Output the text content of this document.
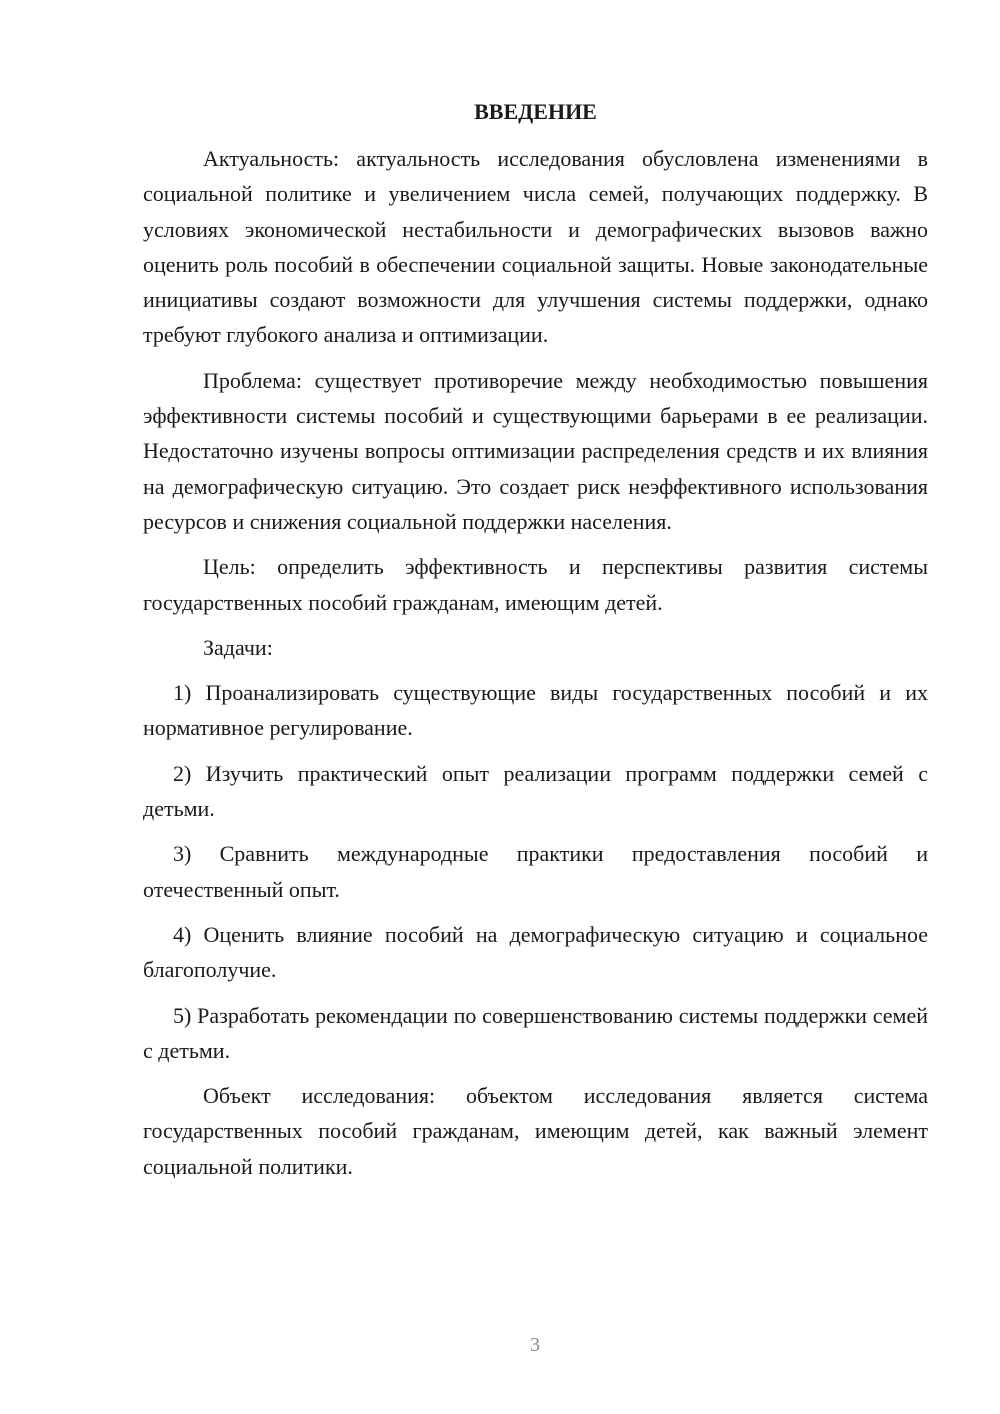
ВВЕДЕНИЕ

Актуальность: актуальность исследования обусловлена изменениями в социальной политике и увеличением числа семей, получающих поддержку. В условиях экономической нестабильности и демографических вызовов важно оценить роль пособий в обеспечении социальной защиты. Новые законодательные инициативы создают возможности для улучшения системы поддержки, однако требуют глубокого анализа и оптимизации.

Проблема: существует противоречие между необходимостью повышения эффективности системы пособий и существующими барьерами в ее реализации. Недостаточно изучены вопросы оптимизации распределения средств и их влияния на демографическую ситуацию. Это создает риск неэффективного использования ресурсов и снижения социальной поддержки населения.

Цель: определить эффективность и перспективы развития системы государственных пособий гражданам, имеющим детей.

Задачи:

1) Проанализировать существующие виды государственных пособий и их нормативное регулирование.

2) Изучить практический опыт реализации программ поддержки семей с детьми.

3) Сравнить международные практики предоставления пособий и отечественный опыт.

4) Оценить влияние пособий на демографическую ситуацию и социальное благополучие.

5) Разработать рекомендации по совершенствованию системы поддержки семей с детьми.

Объект исследования: объектом исследования является система государственных пособий гражданам, имеющим детей, как важный элемент социальной политики.

3
